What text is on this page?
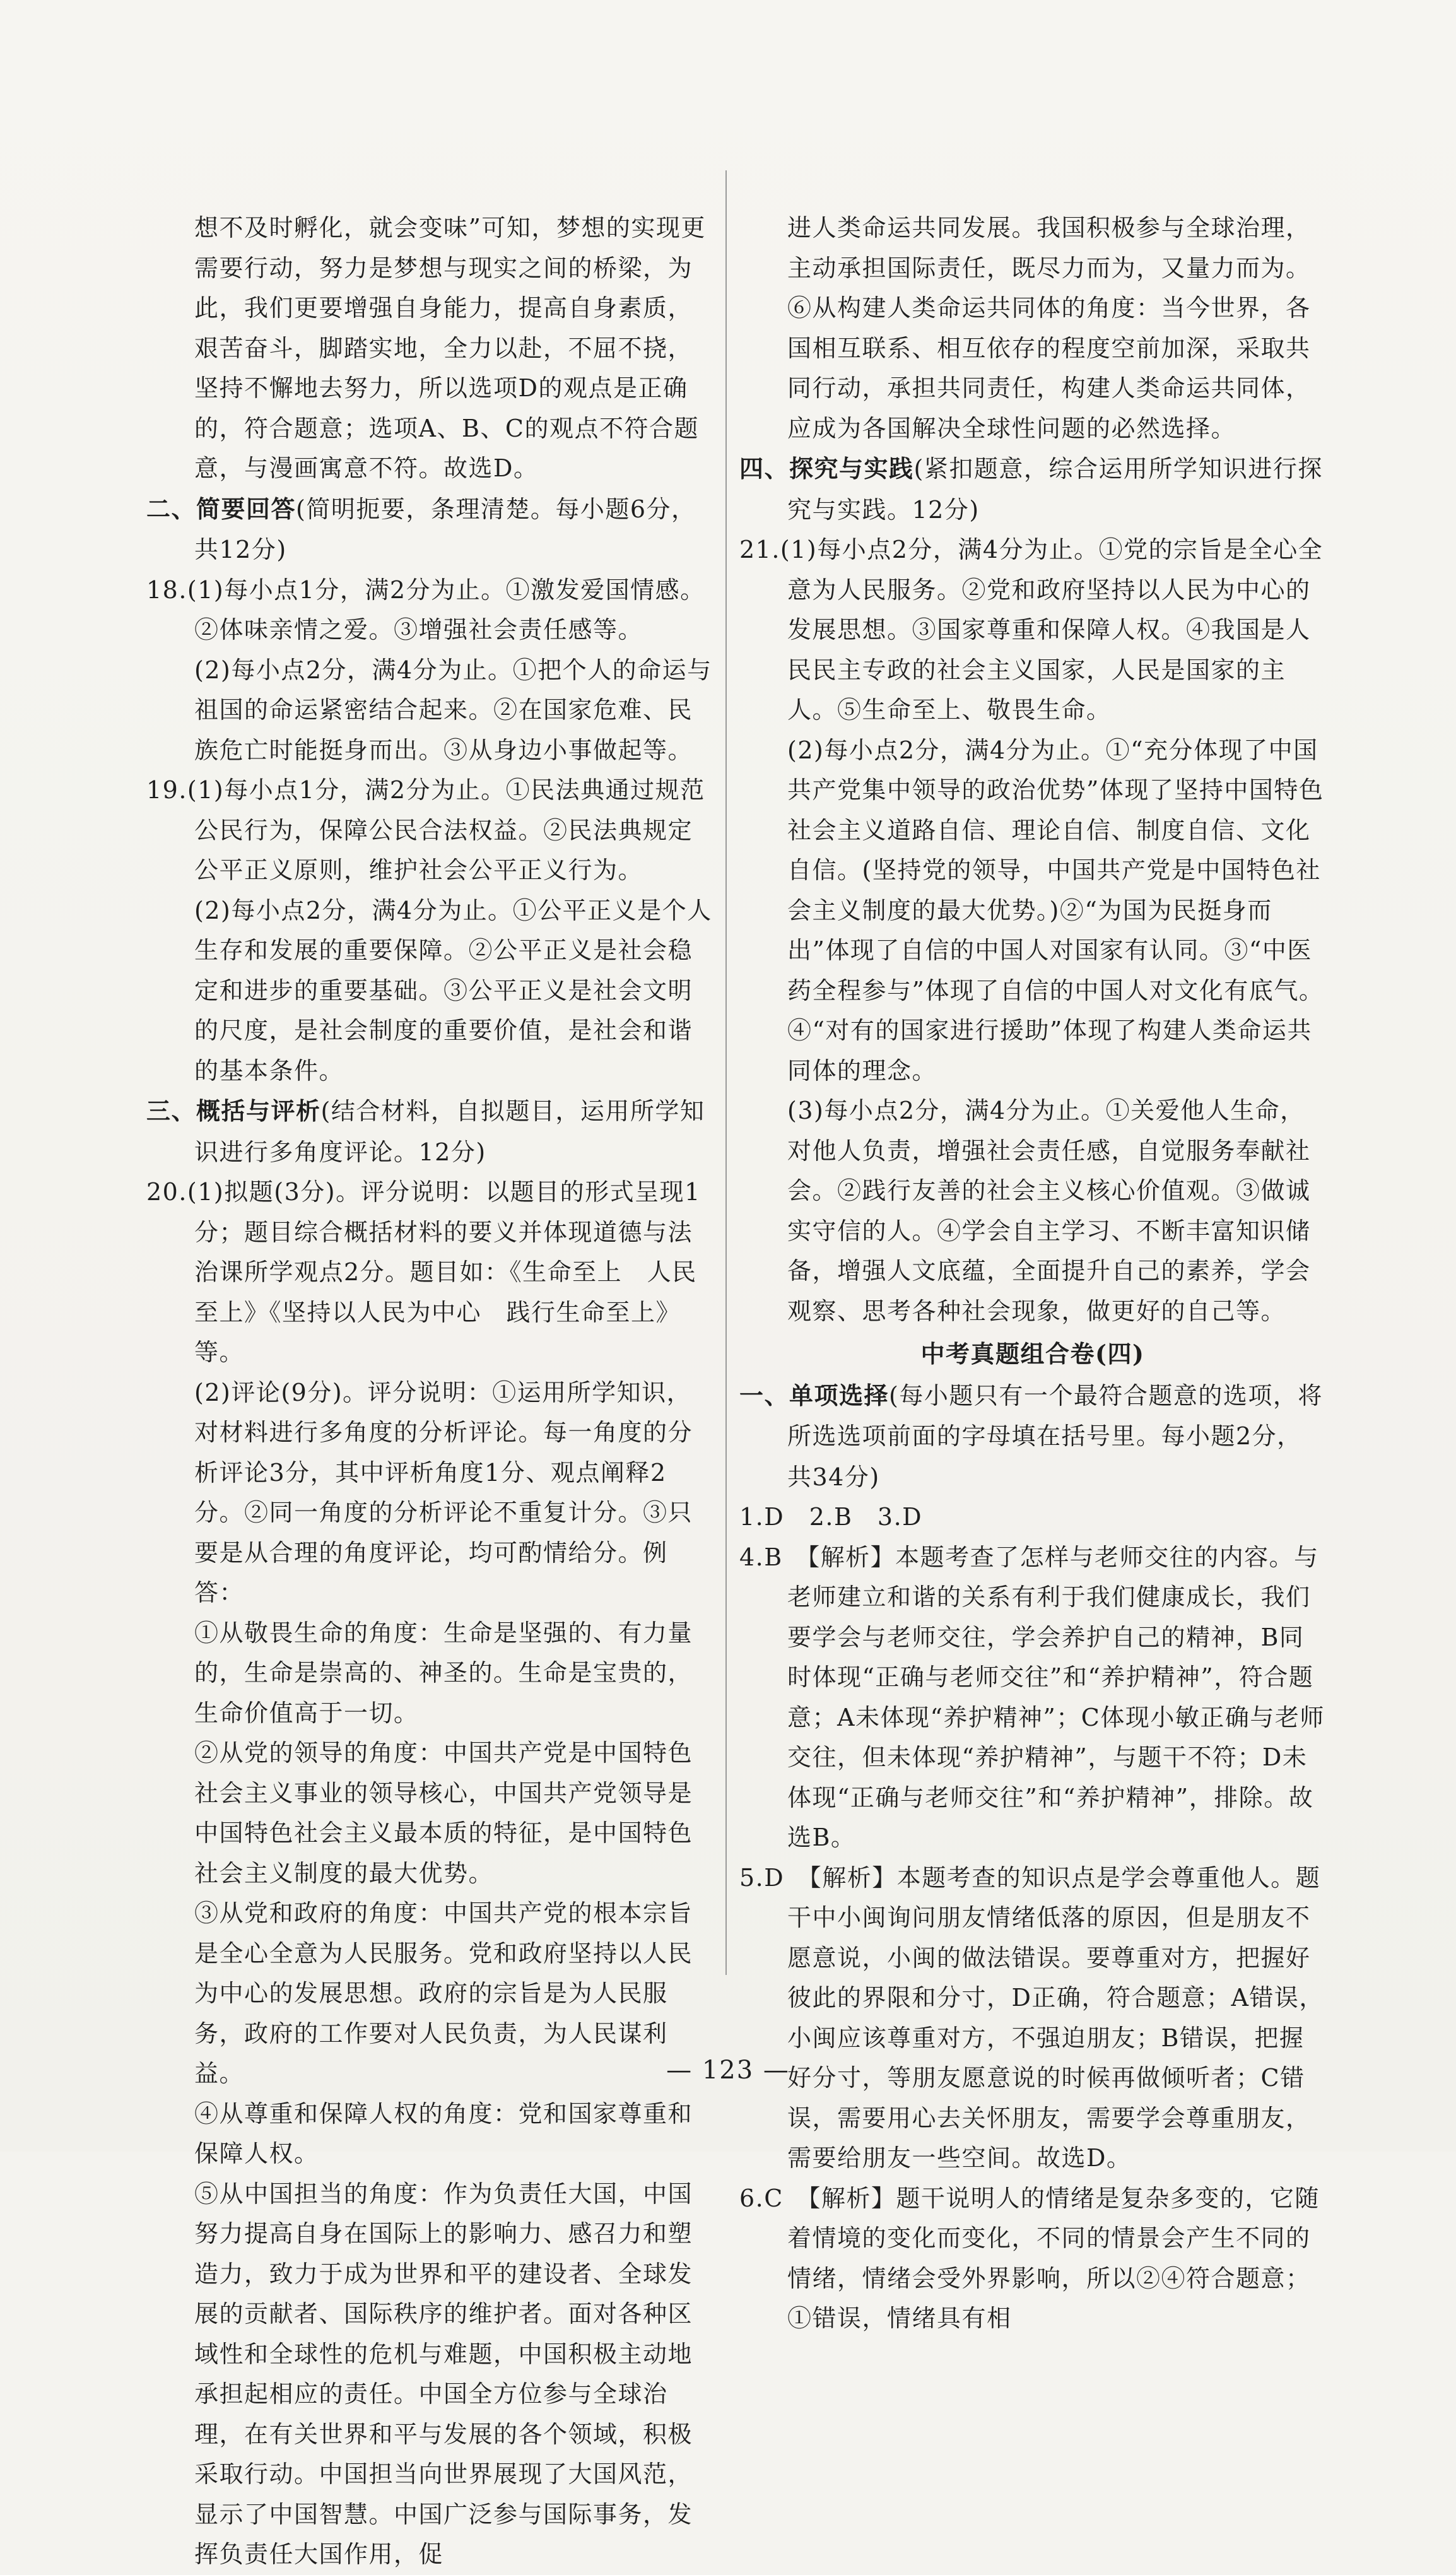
想不及时孵化，就会变味”可知，梦想的实现更需要行动，努力是梦想与现实之间的桥梁，为此，我们更要增强自身能力，提高自身素质，艰苦奋斗，脚踏实地，全力以赴，不屈不挠，坚持不懈地去努力，所以选项D的观点是正确的，符合题意；选项A、B、C的观点不符合题意，与漫画寓意不符。故选D。

二、简要回答(简明扼要，条理清楚。每小题6分，共12分)

18.(1)每小点1分，满2分为止。①激发爱国情感。②体味亲情之爱。③增强社会责任感等。

(2)每小点2分，满4分为止。①把个人的命运与祖国的命运紧密结合起来。②在国家危难、民族危亡时能挺身而出。③从身边小事做起等。

19.(1)每小点1分，满2分为止。①民法典通过规范公民行为，保障公民合法权益。②民法典规定公平正义原则，维护社会公平正义行为。

(2)每小点2分，满4分为止。①公平正义是个人生存和发展的重要保障。②公平正义是社会稳定和进步的重要基础。③公平正义是社会文明的尺度，是社会制度的重要价值，是社会和谐的基本条件。

三、概括与评析(结合材料，自拟题目，运用所学知识进行多角度评论。12分)

20.(1)拟题(3分)。评分说明：以题目的形式呈现1分；题目综合概括材料的要义并体现道德与法治课所学观点2分。题目如：《生命至上　人民至上》《坚持以人民为中心　践行生命至上》等。

(2)评论(9分)。评分说明：①运用所学知识，对材料进行多角度的分析评论。每一角度的分析评论3分，其中评析角度1分、观点阐释2分。②同一角度的分析评论不重复计分。③只要是从合理的角度评论，均可酌情给分。例答：

①从敬畏生命的角度：生命是坚强的、有力量的，生命是崇高的、神圣的。生命是宝贵的，生命价值高于一切。

②从党的领导的角度：中国共产党是中国特色社会主义事业的领导核心，中国共产党领导是中国特色社会主义最本质的特征，是中国特色社会主义制度的最大优势。

③从党和政府的角度：中国共产党的根本宗旨是全心全意为人民服务。党和政府坚持以人民为中心的发展思想。政府的宗旨是为人民服务，政府的工作要对人民负责，为人民谋利益。

④从尊重和保障人权的角度：党和国家尊重和保障人权。

⑤从中国担当的角度：作为负责任大国，中国努力提高自身在国际上的影响力、感召力和塑造力，致力于成为世界和平的建设者、全球发展的贡献者、国际秩序的维护者。面对各种区域性和全球性的危机与难题，中国积极主动地承担起相应的责任。中国全方位参与全球治理，在有关世界和平与发展的各个领域，积极采取行动。中国担当向世界展现了大国风范，显示了中国智慧。中国广泛参与国际事务，发挥负责任大国作用，促

进人类命运共同发展。我国积极参与全球治理，主动承担国际责任，既尽力而为，又量力而为。

⑥从构建人类命运共同体的角度：当今世界，各国相互联系、相互依存的程度空前加深，采取共同行动，承担共同责任，构建人类命运共同体，应成为各国解决全球性问题的必然选择。

四、探究与实践(紧扣题意，综合运用所学知识进行探究与实践。12分)

21.(1)每小点2分，满4分为止。①党的宗旨是全心全意为人民服务。②党和政府坚持以人民为中心的发展思想。③国家尊重和保障人权。④我国是人民民主专政的社会主义国家，人民是国家的主人。⑤生命至上、敬畏生命。

(2)每小点2分，满4分为止。①“充分体现了中国共产党集中领导的政治优势”体现了坚持中国特色社会主义道路自信、理论自信、制度自信、文化自信。(坚持党的领导，中国共产党是中国特色社会主义制度的最大优势。)②“为国为民挺身而出”体现了自信的中国人对国家有认同。③“中医药全程参与”体现了自信的中国人对文化有底气。④“对有的国家进行援助”体现了构建人类命运共同体的理念。

(3)每小点2分，满4分为止。①关爱他人生命，对他人负责，增强社会责任感，自觉服务奉献社会。②践行友善的社会主义核心价值观。③做诚实守信的人。④学会自主学习、不断丰富知识储备，增强人文底蕴，全面提升自己的素养，学会观察、思考各种社会现象，做更好的自己等。

中考真题组合卷(四)

一、单项选择(每小题只有一个最符合题意的选项，将所选选项前面的字母填在括号里。每小题2分，共34分)

1.D　2.B　3.D

4.B　【解析】本题考查了怎样与老师交往的内容。与老师建立和谐的关系有利于我们健康成长，我们要学会与老师交往，学会养护自己的精神，B同时体现“正确与老师交往”和“养护精神”，符合题意；A未体现“养护精神”；C体现小敏正确与老师交往，但未体现“养护精神”，与题干不符；D未体现“正确与老师交往”和“养护精神”，排除。故选B。

5.D　【解析】本题考查的知识点是学会尊重他人。题干中小闽询问朋友情绪低落的原因，但是朋友不愿意说，小闽的做法错误。要尊重对方，把握好彼此的界限和分寸，D正确，符合题意；A错误，小闽应该尊重对方，不强迫朋友；B错误，把握好分寸，等朋友愿意说的时候再做倾听者；C错误，需要用心去关怀朋友，需要学会尊重朋友，需要给朋友一些空间。故选D。

6.C　【解析】题干说明人的情绪是复杂多变的，它随着情境的变化而变化，不同的情景会产生不同的情绪，情绪会受外界影响，所以②④符合题意；①错误，情绪具有相

— 123 —
